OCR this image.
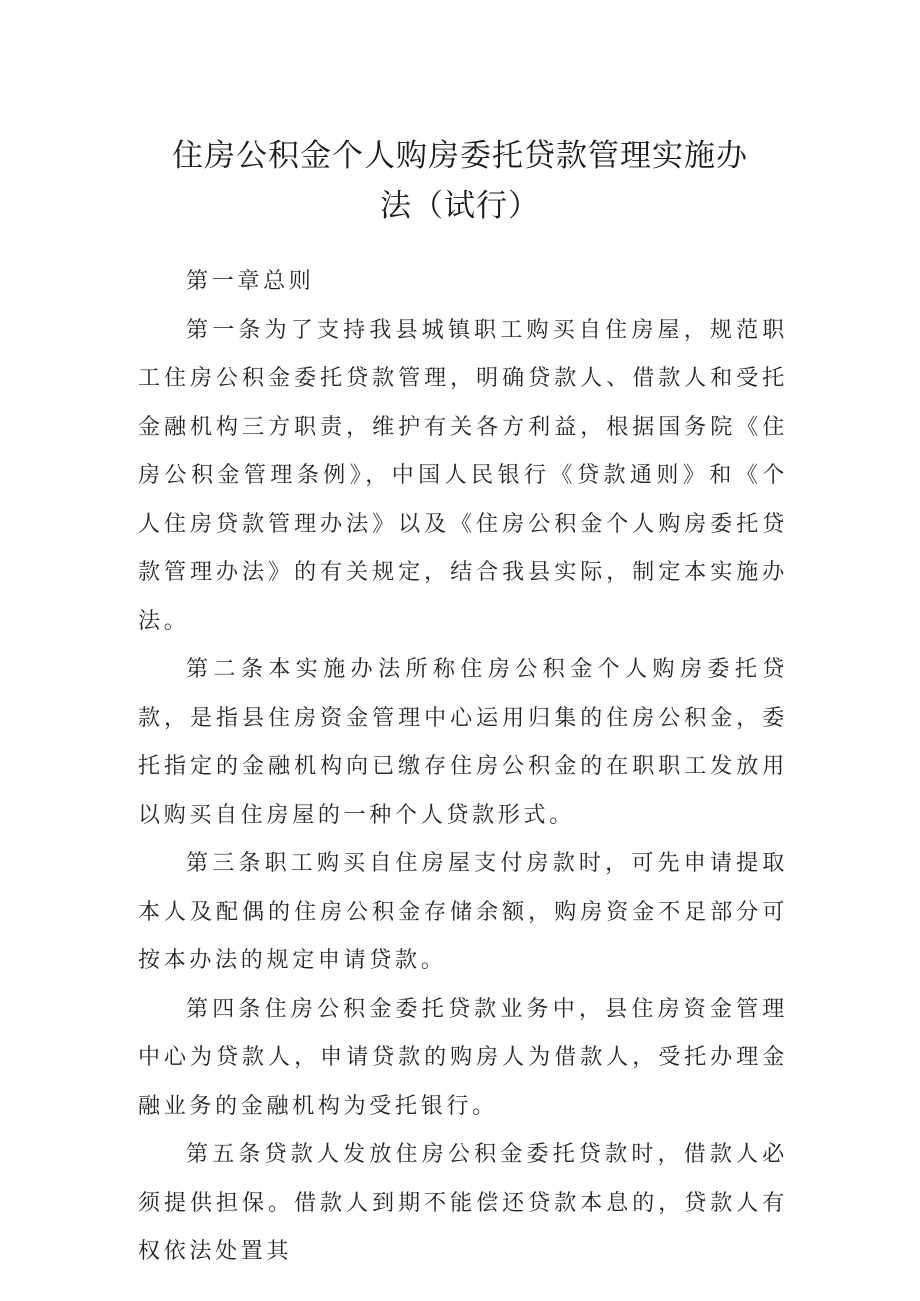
住房公积金个人购房委托贷款管理实施办
法（试行）

第一章总则

第一条为了支持我县城镇职工购买自住房屋，规范职工住房公积金委托贷款管理，明确贷款人、借款人和受托金融机构三方职责，维护有关各方利益，根据国务院《住房公积金管理条例》，中国人民银行《贷款通则》和《个人住房贷款管理办法》以及《住房公积金个人购房委托贷款管理办法》的有关规定，结合我县实际，制定本实施办法。

第二条本实施办法所称住房公积金个人购房委托贷款，是指县住房资金管理中心运用归集的住房公积金，委托指定的金融机构向已缴存住房公积金的在职职工发放用以购买自住房屋的一种个人贷款形式。

第三条职工购买自住房屋支付房款时，可先申请提取本人及配偶的住房公积金存储余额，购房资金不足部分可按本办法的规定申请贷款。

第四条住房公积金委托贷款业务中，县住房资金管理中心为贷款人，申请贷款的购房人为借款人，受托办理金融业务的金融机构为受托银行。

第五条贷款人发放住房公积金委托贷款时，借款人必须提供担保。借款人到期不能偿还贷款本息的，贷款人有权依法处置其
